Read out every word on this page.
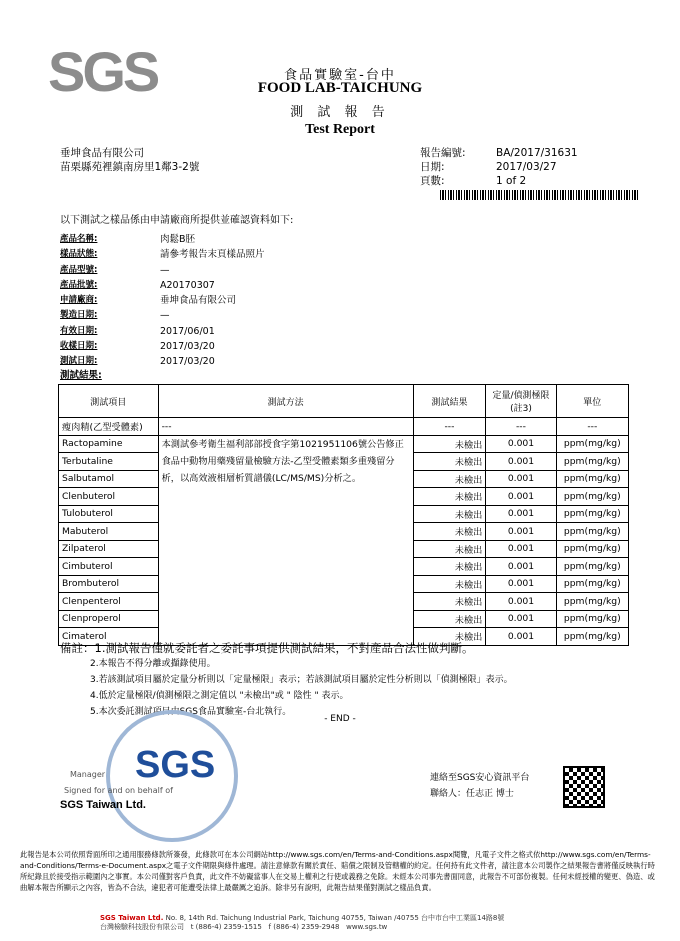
SGS	食品實驗室-台中
FOOD LAB-TAICHUNG
測 試 報 告
Test Report
垂坤食品有限公司
苗栗縣苑裡鎮南房里1鄰3-2號
報告編號:	BA/2017/31631
日期:	2017/03/27
頁數:	1 of 2
以下測試之樣品係由申請廠商所提供並確認資料如下:
產品名稱:	肉鬆B胚
樣品狀態:	請參考報告末頁樣品照片
產品型號:	—
產品批號:	A20170307
申請廠商:	垂坤食品有限公司
製造日期:	—
有效日期:	2017/06/01
收樣日期:	2017/03/20
測試日期:	2017/03/20
測試結果:
測試項目	測試方法	測試結果	定量/偵測極限(註3)	單位
瘦肉精(乙型受體素)	---	---	---	---
Ractopamine	本測試參考衛生福利部部授食字第1021951106號公告修正食品中動物用藥殘留量檢驗方法-乙型受體素類多重殘留分析，以高效液相層析質譜儀(LC/MS/MS)分析之。	未檢出	0.001	ppm(mg/kg)
Terbutaline		未檢出	0.001	ppm(mg/kg)
Salbutamol		未檢出	0.001	ppm(mg/kg)
Clenbuterol		未檢出	0.001	ppm(mg/kg)
Tulobuterol		未檢出	0.001	ppm(mg/kg)
Mabuterol		未檢出	0.001	ppm(mg/kg)
Zilpaterol		未檢出	0.001	ppm(mg/kg)
Cimbuterol		未檢出	0.001	ppm(mg/kg)
Brombuterol		未檢出	0.001	ppm(mg/kg)
Clenpenterol		未檢出	0.001	ppm(mg/kg)
Clenproperol		未檢出	0.001	ppm(mg/kg)
Cimaterol		未檢出	0.001	ppm(mg/kg)
備註：1.測試報告僅就委託者之委託事項提供測試結果，不對產品合法性做判斷。
2.本報告不得分離或擷錄使用。
3.若該測試項目屬於定量分析則以「定量極限」表示；若該測試項目屬於定性分析則以「偵測極限」表示。
4.低於定量極限/偵測極限之測定值以 "未檢出"或 " 陰性 " 表示。
5.本次委託測試項目由SGS食品實驗室-台北執行。
- END -
SGS
Manager
Signed for and on behalf of
SGS Taiwan Ltd.
連絡至SGS安心資訊平台
聯絡人：任志正 博士
此報告是本公司依照背面所印之通用服務條款所簽發，此條款可在本公司網站http://www.sgs.com/en/Terms-and-Conditions.aspx閱覽，凡電子文件之格式依http://www.sgs.com/en/Terms-and-Conditions/Terms-e-Document.aspx之電子文件期限與條件處理。請注意條款有關於責任、賠償之限制及管轄權的約定。任何持有此文件者，請注意本公司製作之結果報告書將僅反映執行時所紀錄且於接受指示範圍內之事實。本公司僅對客戶負責，此文件不妨礙當事人在交易上權利之行使或義務之免除。未經本公司事先書面同意，此報告不可部份複製。任何未經授權的變更、偽造、或曲解本報告所顯示之內容，皆為不合法，違犯者可能遭受法律上最嚴厲之追訴。除非另有說明，此報告結果僅對測試之樣品負責。
SGS Taiwan Ltd. No. 8, 14th Rd. Taichung Industrial Park, Taichung 40755, Taiwan /40755 台中市台中工業區14路8號
台灣檢驗科技股份有限公司 t (886-4) 2359-1515 f (886-4) 2359-2948 www.sgs.tw
